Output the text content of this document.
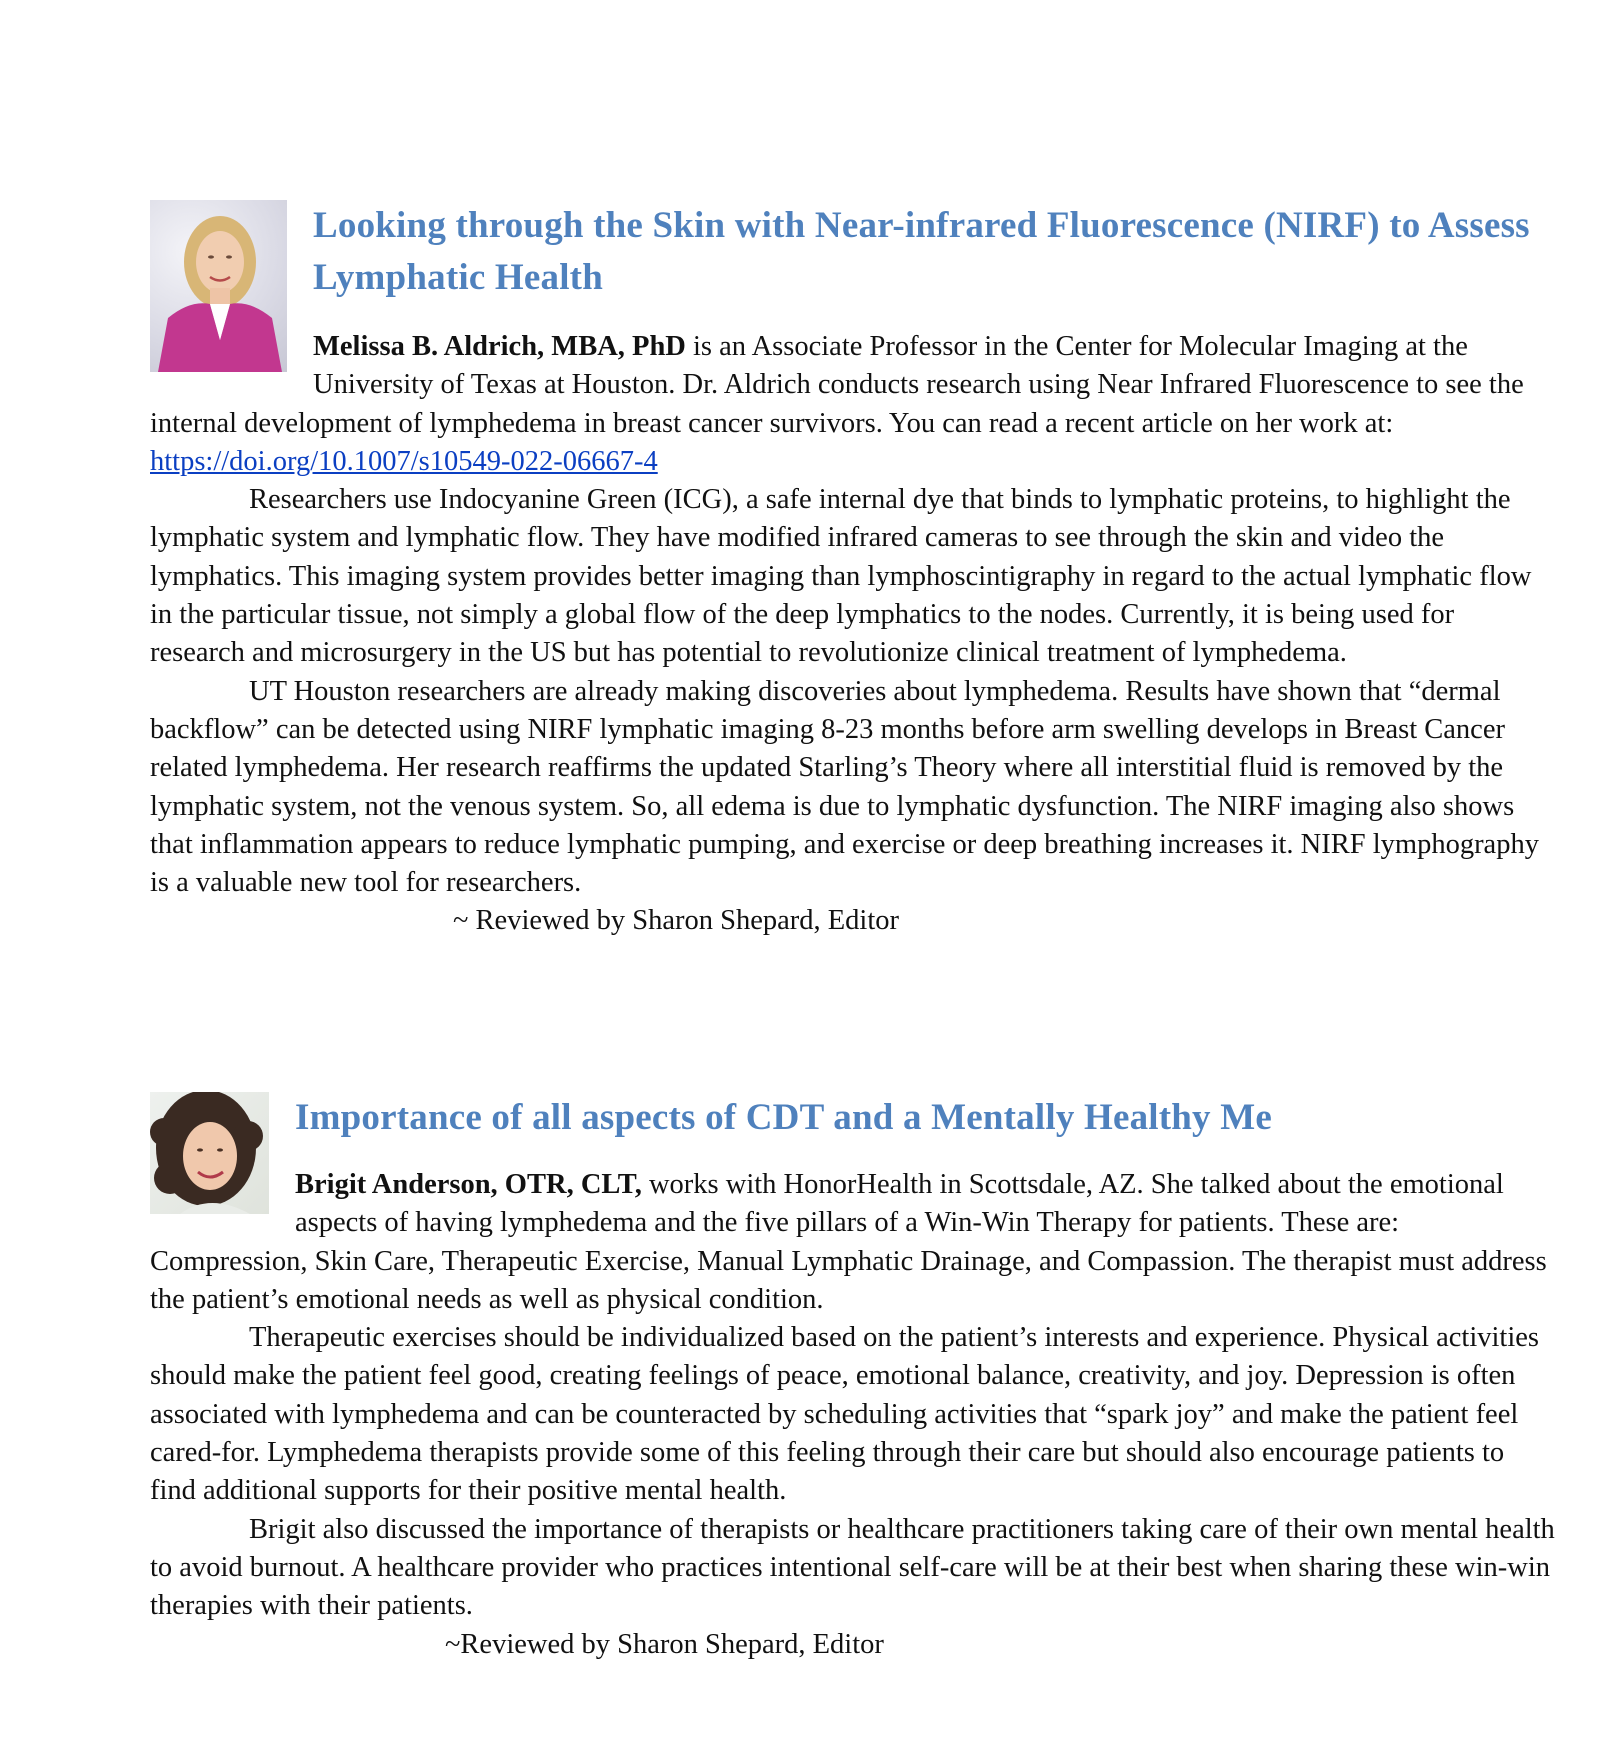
Looking through the Skin with Near-infrared Fluorescence (NIRF) to Assess Lymphatic Health

Melissa B. Aldrich, MBA, PhD is an Associate Professor in the Center for Molecular Imaging at the University of Texas at Houston. Dr. Aldrich conducts research using Near Infrared Fluorescence to see the internal development of lymphedema in breast cancer survivors. You can read a recent article on her work at: https://doi.org/10.1007/s10549-022-06667-4

Researchers use Indocyanine Green (ICG), a safe internal dye that binds to lymphatic proteins, to highlight the lymphatic system and lymphatic flow. They have modified infrared cameras to see through the skin and video the lymphatics. This imaging system provides better imaging than lymphoscintigraphy in regard to the actual lymphatic flow in the particular tissue, not simply a global flow of the deep lymphatics to the nodes. Currently, it is being used for research and microsurgery in the US but has potential to revolutionize clinical treatment of lymphedema.

UT Houston researchers are already making discoveries about lymphedema. Results have shown that “dermal backflow” can be detected using NIRF lymphatic imaging 8-23 months before arm swelling develops in Breast Cancer related lymphedema. Her research reaffirms the updated Starling’s Theory where all interstitial fluid is removed by the lymphatic system, not the venous system. So, all edema is due to lymphatic dysfunction. The NIRF imaging also shows that inflammation appears to reduce lymphatic pumping, and exercise or deep breathing increases it. NIRF lymphography is a valuable new tool for researchers.

~ Reviewed by Sharon Shepard, Editor

Importance of all aspects of CDT and a Mentally Healthy Me

Brigit Anderson, OTR, CLT, works with HonorHealth in Scottsdale, AZ. She talked about the emotional aspects of having lymphedema and the five pillars of a Win-Win Therapy for patients. These are: Compression, Skin Care, Therapeutic Exercise, Manual Lymphatic Drainage, and Compassion. The therapist must address the patient’s emotional needs as well as physical condition.

Therapeutic exercises should be individualized based on the patient’s interests and experience. Physical activities should make the patient feel good, creating feelings of peace, emotional balance, creativity, and joy. Depression is often associated with lymphedema and can be counteracted by scheduling activities that “spark joy” and make the patient feel cared-for. Lymphedema therapists provide some of this feeling through their care but should also encourage patients to find additional supports for their positive mental health.

Brigit also discussed the importance of therapists or healthcare practitioners taking care of their own mental health to avoid burnout. A healthcare provider who practices intentional self-care will be at their best when sharing these win-win therapies with their patients.

~Reviewed by Sharon Shepard, Editor
